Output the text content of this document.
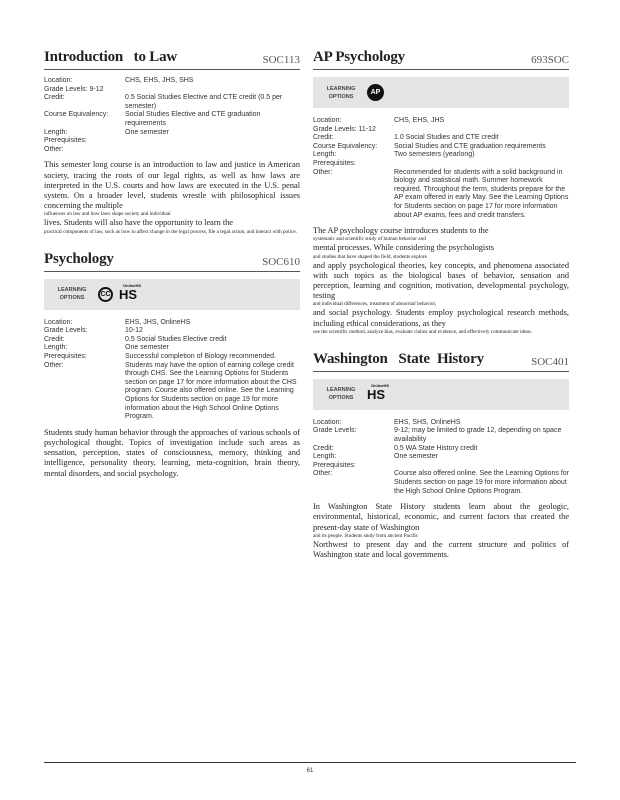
Introduction   to Law	SOC113
Location:	CHS, EHS, JHS, SHS
Grade Levels: 9-12
Credit:	0.5 Social Studies Elective and CTE credit (0.5 per semester)
Course Equivalency:	Social Studies Elective and CTE graduation requirements
Length:	One semester
Prerequisites:
Other:
This semester long course is an introduction to law and justice in American society, tracing the roots of our legal rights, as well as how laws are interpreted in the U.S. courts and how laws are executed in the U.S. penal system. On a broader level, students wrestle with philosophical issues concerning the multiple
influences on law and how laws shape society and individual
lives. Students will also have the opportunity to learn the
practical components of law, such as how to affect change in the legal process, file a legal action, and interact with police.
Psychology	SOC610
LEARNING OPTIONS
CC HS
OnlineHS
Location:	EHS, JHS, OnlineHS
Grade Levels:	10-12
Credit:	0.5 Social Studies Elective credit
Length:	One semester
Prerequisites:	Successful completion of Biology recommended.
Other:	Students may have the option of earning college credit through CHS. See the Learning Options for Students section on page 17 for more information about the CHS program. Course also offered online. See the Learning Options for Students section on page 19 for more information about the High School Online Options Program.
Students study human behavior through the approaches of various schools of psychological thought. Topics of investigation include such areas as sensation, perception, states of consciousness, memory, thinking and intelligence, personality theory, learning, meta-cognition, brain theory, mental disorders, and social psychology.
AP Psychology	693SOC
LEARNING OPTIONS
AP
Location:	CHS, EHS, JHS
Grade Levels: 11-12
Credit:	1.0 Social Studies and CTE credit
Course Equivalency:	Social Studies and CTE graduation requirements
Length:	Two semesters (yearlong)
Prerequisites:
Other:	Recommended for students with a solid background in biology and statistical math. Summer homework required. Throughout the term, students prepare for the AP exam offered in early May. See the Learning Options for Students section on page 17 for more information about AP exams, fees and credit transfers.
The AP psychology course introduces students to the
systematic and scientific study of human behavior and
mental processes. While considering the psychologists
and studies that have shaped the field, students explore
and apply psychological theories, key concepts, and phenomena associated with such topics as the biological bases of behavior, sensation and perception, learning and cognition, motivation, developmental psychology, testing
and individual differences, treatment of abnormal behavior,
and social psychology. Students employ psychological research methods, including ethical considerations, as they
use the scientific method, analyze bias, evaluate claims and evidence, and effectively communicate ideas.
Washington   State  History	SOC401
LEARNING OPTIONS	HS
OnlineHS
Location:	EHS, SHS, OnlineHS
Grade Levels:	9-12; may be limited to grade 12, depending on space availability
Credit:	0.5 WA State History credit
Length:	One semester
Prerequisites:
Other:	Course also offered online. See the Learning Options for Students section on page 19 for more information about the High School Online Options Program.
In Washington State History students learn about the geologic, environmental, historical, economic, and current factors that created the present-day state of Washington
and its people. Students study from ancient Pacific
Northwest to present day and the current structure and politics of Washington state and local governments.
61
